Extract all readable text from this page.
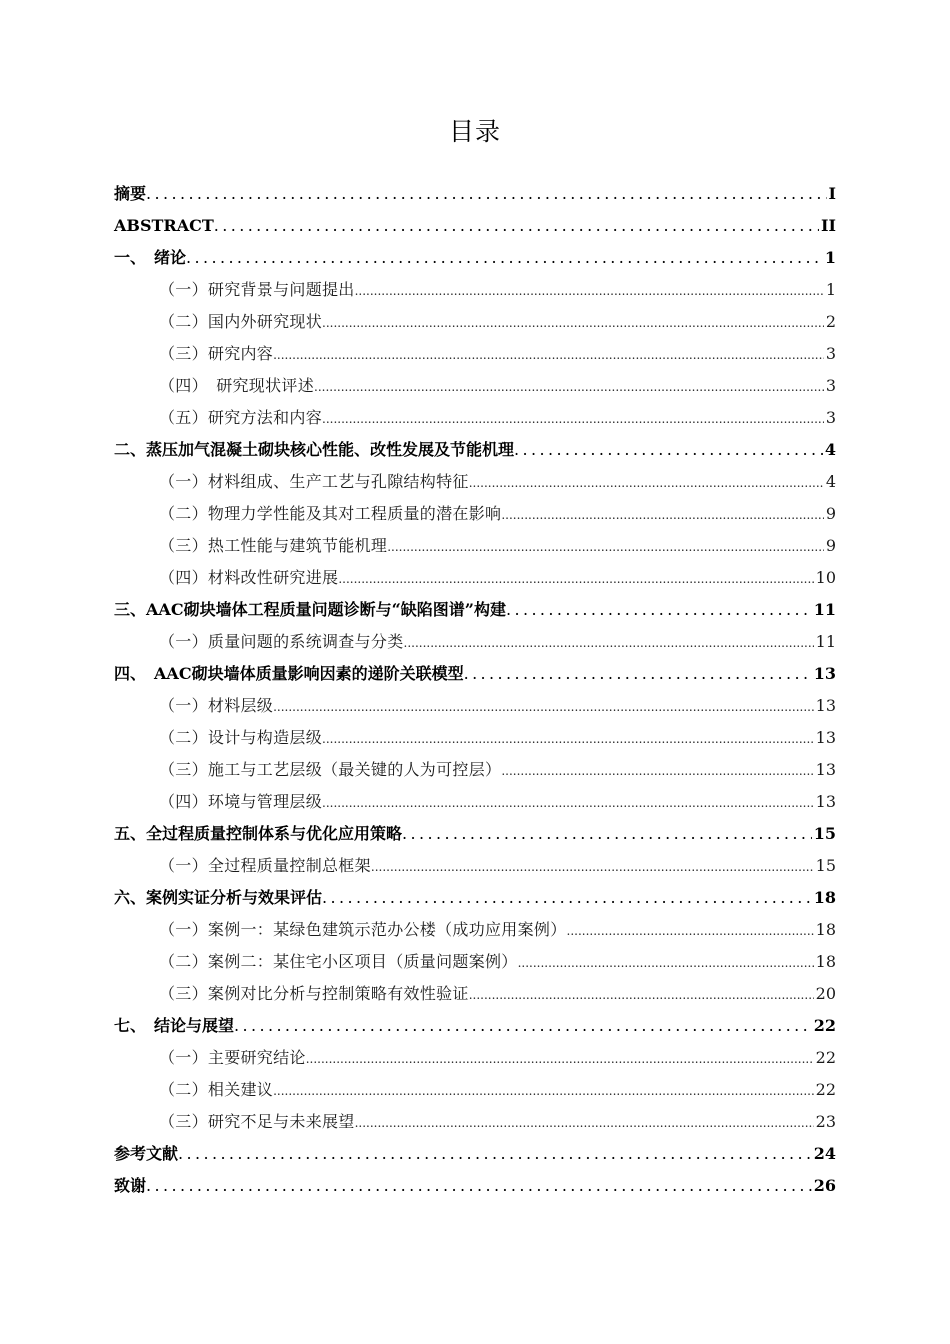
目录
摘要 .....	I
ABSTRACT .....	II
一、　绪论 .....	1
（一）研究背景与问题提出 .....	1
（二）国内外研究现状 .....	2
（三）研究内容 .....	3
（四）　研究现状评述 .....	3
（五）研究方法和内容 .....	3
二、蒸压加气混凝土砌块核心性能、改性发展及节能机理 .....	4
（一）材料组成、生产工艺与孔隙结构特征 .....	4
（二）物理力学性能及其对工程质量的潜在影响 .....	9
（三）热工性能与建筑节能机理 .....	9
（四）材料改性研究进展 .....	10
三、AAC砌块墙体工程质量问题诊断与“缺陷图谱”构建 .....	11
（一）质量问题的系统调查与分类 .....	11
四、　AAC砌块墙体质量影响因素的递阶关联模型 .....	13
（一）材料层级 .....	13
（二）设计与构造层级 .....	13
（三）施工与工艺层级（最关键的人为可控层） .....	13
（四）环境与管理层级 .....	13
五、全过程质量控制体系与优化应用策略 .....	15
（一）全过程质量控制总框架 .....	15
六、案例实证分析与效果评估 .....	18
（一）案例一：某绿色建筑示范办公楼（成功应用案例） .....	18
（二）案例二：某住宅小区项目（质量问题案例） .....	18
（三）案例对比分析与控制策略有效性验证 .....	20
七、　结论与展望 .....	22
（一）主要研究结论 .....	22
（二）相关建议 .....	22
（三）研究不足与未来展望 .....	23
参考文献 .....	24
致谢 .....	26
